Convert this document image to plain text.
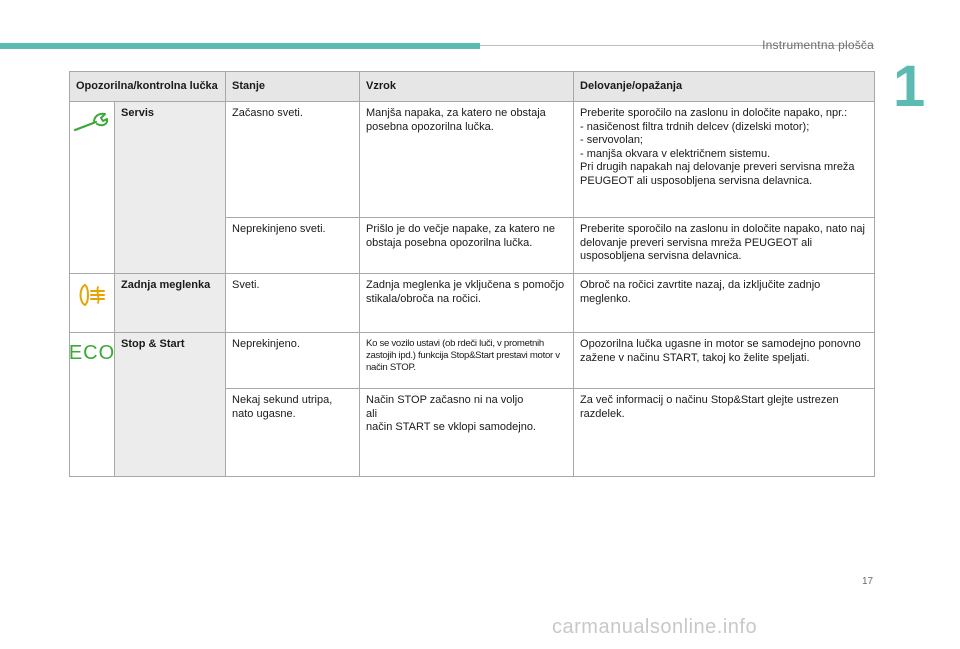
Instrumentna plošča
1
Opozorilna/kontrolna lučka		Stanje	Vzrok	Delovanje/opažanja

	Servis	Začasno sveti.	Manjša napaka, za katero ne obstaja posebna opozorilna lučka.	Preberite sporočilo na zaslonu in določite napako, npr.:
- nasičenost filtra trdnih delcev (dizelski motor);
- servovolan;
- manjša okvara v električnem sistemu.
Pri drugih napakah naj delovanje preveri servisna mreža PEUGEOT ali usposobljena servisna delavnica.

		Neprekinjeno sveti.	Prišlo je do večje napake, za katero ne obstaja posebna opozorilna lučka.	Preberite sporočilo na zaslonu in določite napako, nato naj delovanje preveri servisna mreža PEUGEOT ali usposobljena servisna delavnica.

	Zadnja meglenka	Sveti.	Zadnja meglenka je vključena s pomočjo stikala/obroča na ročici.	Obroč na ročici zavrtite nazaj, da izključite zadnjo meglenko.

ECO	Stop & Start	Neprekinjeno.	Ko se vozilo ustavi (ob rdeči luči, v prometnih zastojih ipd.) funkcija Stop&Start prestavi motor v način STOP.	Opozorilna lučka ugasne in motor se samodejno ponovno zažene v načinu START, takoj ko želite speljati.
		Nekaj sekund utripa, nato ugasne.	Način STOP začasno ni na voljo
ali
način START se vklopi samodejno.	Za več informacij o načinu Stop&Start glejte ustrezen razdelek.
17
carmanualsonline.info
